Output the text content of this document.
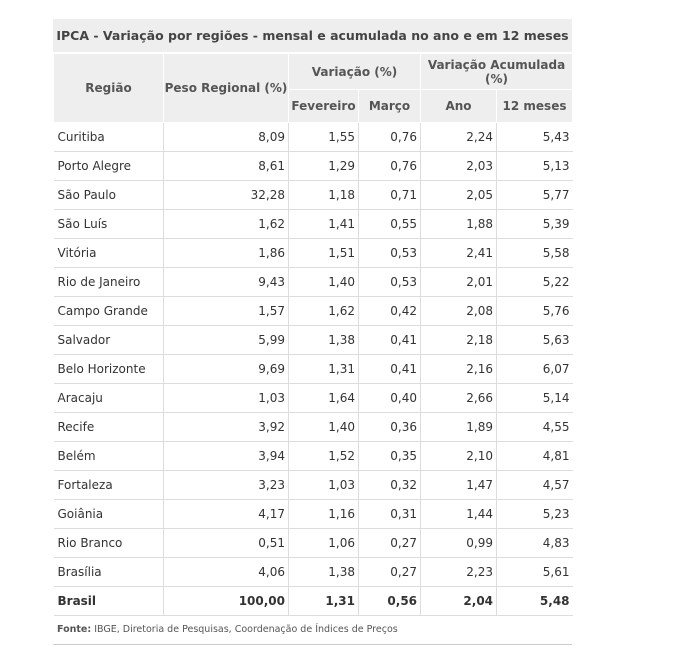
IPCA - Variação por regiões - mensal e acumulada no ano e em 12 meses
Região	Peso Regional (%)	Variação (%)		Variação Acumulada (%)	
		Fevereiro	Março	Ano	12 meses
Curitiba	8,09	1,55	0,76	2,24	5,43
Porto Alegre	8,61	1,29	0,76	2,03	5,13
São Paulo	32,28	1,18	0,71	2,05	5,77
São Luís	1,62	1,41	0,55	1,88	5,39
Vitória	1,86	1,51	0,53	2,41	5,58
Rio de Janeiro	9,43	1,40	0,53	2,01	5,22
Campo Grande	1,57	1,62	0,42	2,08	5,76
Salvador	5,99	1,38	0,41	2,18	5,63
Belo Horizonte	9,69	1,31	0,41	2,16	6,07
Aracaju	1,03	1,64	0,40	2,66	5,14
Recife	3,92	1,40	0,36	1,89	4,55
Belém	3,94	1,52	0,35	2,10	4,81
Fortaleza	3,23	1,03	0,32	1,47	4,57
Goiânia	4,17	1,16	0,31	1,44	5,23
Rio Branco	0,51	1,06	0,27	0,99	4,83
Brasília	4,06	1,38	0,27	2,23	5,61
Brasil	100,00	1,31	0,56	2,04	5,48
Fonte: IBGE, Diretoria de Pesquisas, Coordenação de Índices de Preços
